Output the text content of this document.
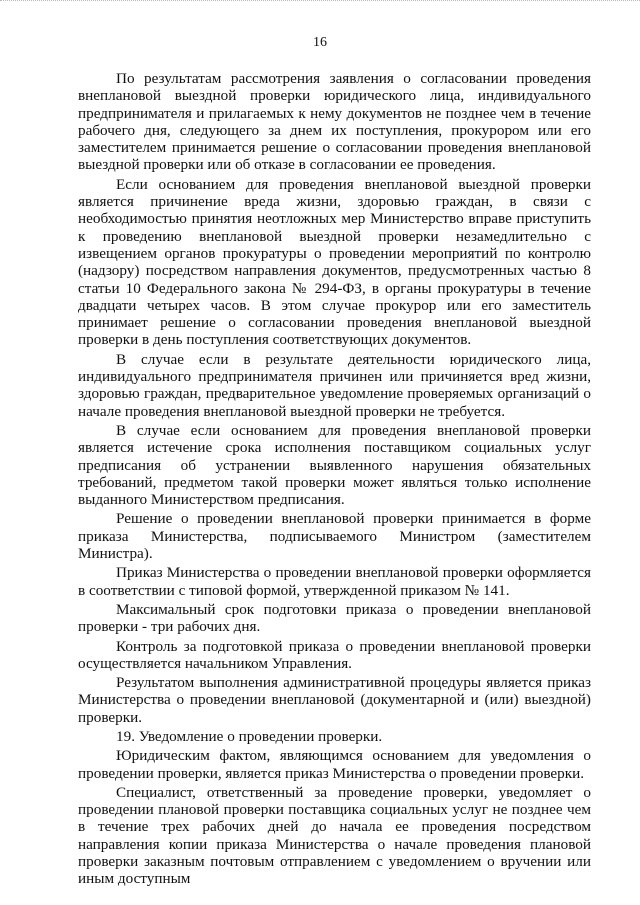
16

По результатам рассмотрения заявления о согласовании проведения внеплановой выездной проверки юридического лица, индивидуального предпринимателя и прилагаемых к нему документов не позднее чем в течение рабочего дня, следующего за днем их поступления, прокурором или его заместителем принимается решение о согласовании проведения внеплановой выездной проверки или об отказе в согласовании ее проведения.

Если основанием для проведения внеплановой выездной проверки является причинение вреда жизни, здоровью граждан, в связи с необходимостью принятия неотложных мер Министерство вправе приступить к проведению внеплановой выездной проверки незамедлительно с извещением органов прокуратуры о проведении мероприятий по контролю (надзору) посредством направления документов, предусмотренных частью 8 статьи 10 Федерального закона № 294-ФЗ, в органы прокуратуры в течение двадцати четырех часов. В этом случае прокурор или его заместитель принимает решение о согласовании проведения внеплановой выездной проверки в день поступления соответствующих документов.

В случае если в результате деятельности юридического лица, индивидуального предпринимателя причинен или причиняется вред жизни, здоровью граждан, предварительное уведомление проверяемых организаций о начале проведения внеплановой выездной проверки не требуется.

В случае если основанием для проведения внеплановой проверки является истечение срока исполнения поставщиком социальных услуг предписания об устранении выявленного нарушения обязательных требований, предметом такой проверки может являться только исполнение выданного Министерством предписания.

Решение о проведении внеплановой проверки принимается в форме приказа Министерства, подписываемого Министром (заместителем Министра).

Приказ Министерства о проведении внеплановой проверки оформляется в соответствии с типовой формой, утвержденной приказом № 141.

Максимальный срок подготовки приказа о проведении внеплановой проверки - три рабочих дня.

Контроль за подготовкой приказа о проведении внеплановой проверки осуществляется начальником Управления.

Результатом выполнения административной процедуры является приказ Министерства о проведении внеплановой (документарной и (или) выездной) проверки.

19. Уведомление о проведении проверки.

Юридическим фактом, являющимся основанием для уведомления о проведении проверки, является приказ Министерства о проведении проверки.

Специалист, ответственный за проведение проверки, уведомляет о проведении плановой проверки поставщика социальных услуг не позднее чем в течение трех рабочих дней до начала ее проведения посредством направления копии приказа Министерства о начале проведения плановой проверки заказным почтовым отправлением с уведомлением о вручении или иным доступным
